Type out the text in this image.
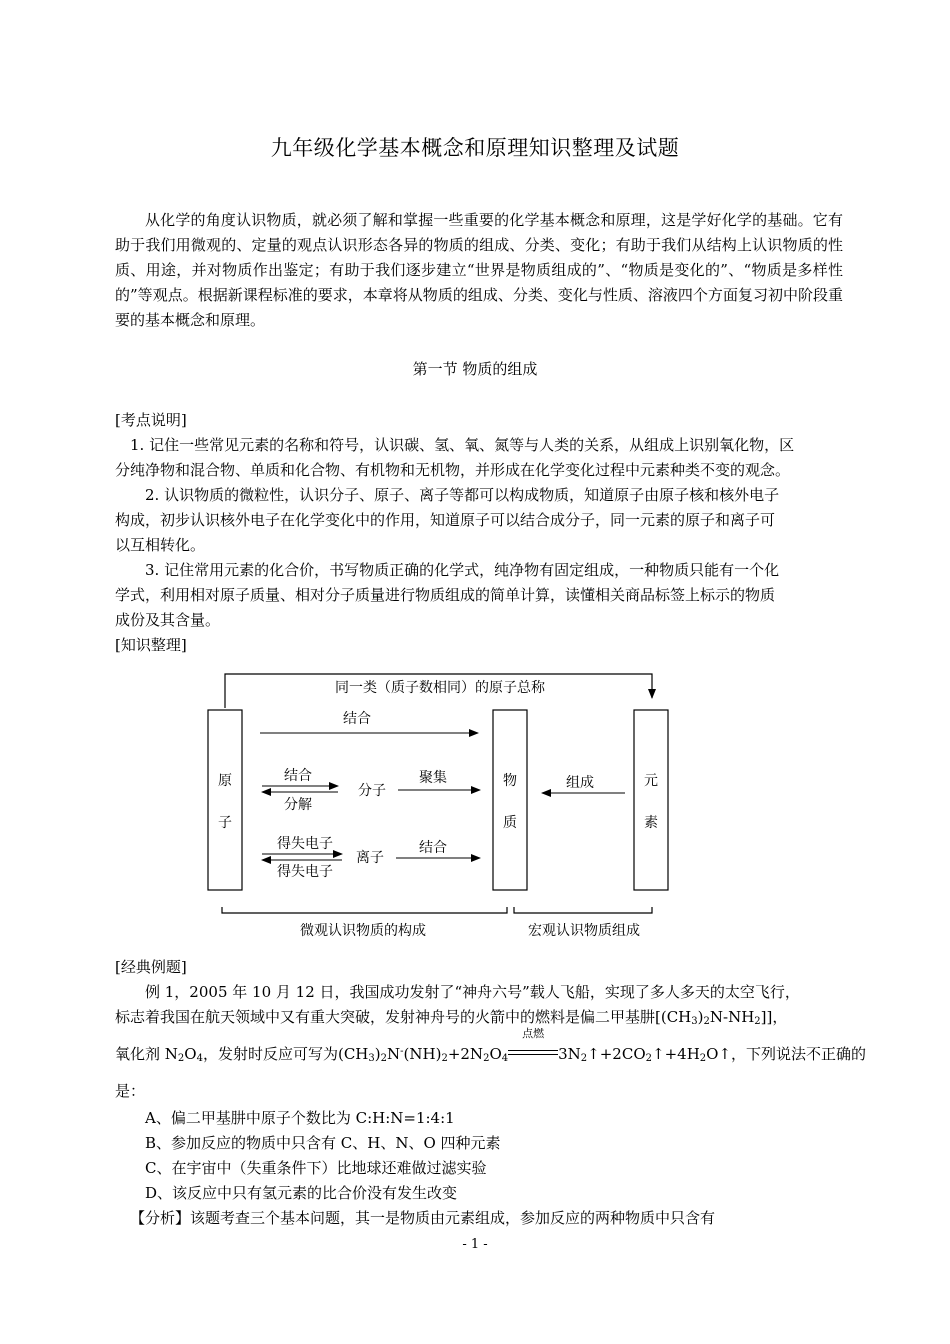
九年级化学基本概念和原理知识整理及试题
从化学的角度认识物质，就必须了解和掌握一些重要的化学基本概念和原理，这是学好化学的基础。它有助于我们用微观的、定量的观点认识形态各异的物质的组成、分类、变化；有助于我们从结构上认识物质的性质、用途，并对物质作出鉴定；有助于我们逐步建立“世界是物质组成的”、“物质是变化的”、“物质是多样性的”等观点。根据新课程标准的要求，本章将从物质的组成、分类、变化与性质、溶液四个方面复习初中阶段重要的基本概念和原理。
第一节 物质的组成
[考点说明]
1. 记住一些常见元素的名称和符号，认识碳、氢、氧、氮等与人类的关系，从组成上识别氧化物，区
分纯净物和混合物、单质和化合物、有机物和无机物，并形成在化学变化过程中元素种类不变的观念。
2. 认识物质的微粒性，认识分子、原子、离子等都可以构成物质，知道原子由原子核和核外电子
构成，初步认识核外电子在化学变化中的作用，知道原子可以结合成分子，同一元素的原子和离子可
以互相转化。
3. 记住常用元素的化合价，书写物质正确的化学式，纯净物有固定组成，一种物质只能有一个化
学式，利用相对原子质量、相对分子质量进行物质组成的简单计算，读懂相关商品标签上标示的物质
成份及其含量。
[知识整理]
同一类（质子数相同）的原子总称
原
子
物
质
元
素
结合
结合
分解
分子
聚集	组成
得失电子
得失电子
离子
结合
微观认识物质的构成	宏观认识物质组成
[经典例题]
例 1，2005 年 10 月 12 日，我国成功发射了“神舟六号”载人飞船，实现了多人多天的太空飞行，
标志着我国在航天领域中又有重大突破，发射神舟号的火箭中的燃料是偏二甲基肼$[(CH_3)_2N-NH_2]$]，
氧化剂 $N_2O_4$，发射时反应可写为$(CH_3)_2N^-(NH)_2+2N_2O_4$
点燃
$3N_2↑+2CO_2↑+4H_2O↑$，下列说法不正确的
是：
A、偏二甲基肼中原子个数比为 C:H:N=1:4:1
B、参加反应的物质中只含有 C、H、N、O 四种元素
C、在宇宙中（失重条件下）比地球还难做过滤实验
D、该反应中只有氢元素的比合价没有发生改变
【分析】该题考查三个基本问题，其一是物质由元素组成，参加反应的两种物质中只含有
- 1 -
